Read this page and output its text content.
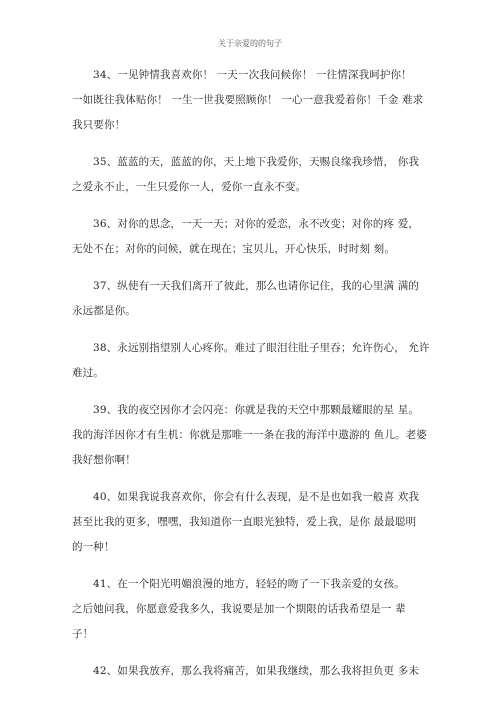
关于亲爱的的句子
34、一见钟情我喜欢你！ 一天一次我问候你！ 一往情深我呵护你！
一如既往我体贴你！ 一生一世我要照顾你！ 一心一意我爱着你！千金 难求
我只要你！
35、蓝蓝的天，蓝蓝的你，天上地下我爱你，天赐良缘我珍惜， 你我
之爱永不止，一生只爱你一人，爱你一直永不变。
36、对你的思念，一天一天；对你的爱恋，永不改变；对你的疼 爱，
无处不在；对你的问候，就在现在；宝贝儿，开心快乐，时时刻 刻。
37、纵使有一天我们离开了彼此，那么也请你记住，我的心里满 满的
永远都是你。
38、永远别指望别人心疼你。难过了眼泪往肚子里吞；允许伤心， 允许
难过。
39、我的夜空因你才会闪亮：你就是我的天空中那颗最耀眼的星 星。
我的海洋因你才有生机：你就是那唯一一条在我的海洋中遨游的 鱼儿。老婆
我好想你啊！
40、如果我说我喜欢你，你会有什么表现，是不是也如我一般喜 欢我
甚至比我的更多，嘿嘿，我知道你一直眼光独特，爱上我，是你 最最聪明
的一种！
41、在一个阳光明媚浪漫的地方，轻轻的吻了一下我亲爱的女孩。
之后她问我，你愿意爱我多久，我说要是加一个期限的话我希望是一 辈
子！
42、如果我放弃，那么我将痛苦，如果我继续，那么我将担负更 多未
